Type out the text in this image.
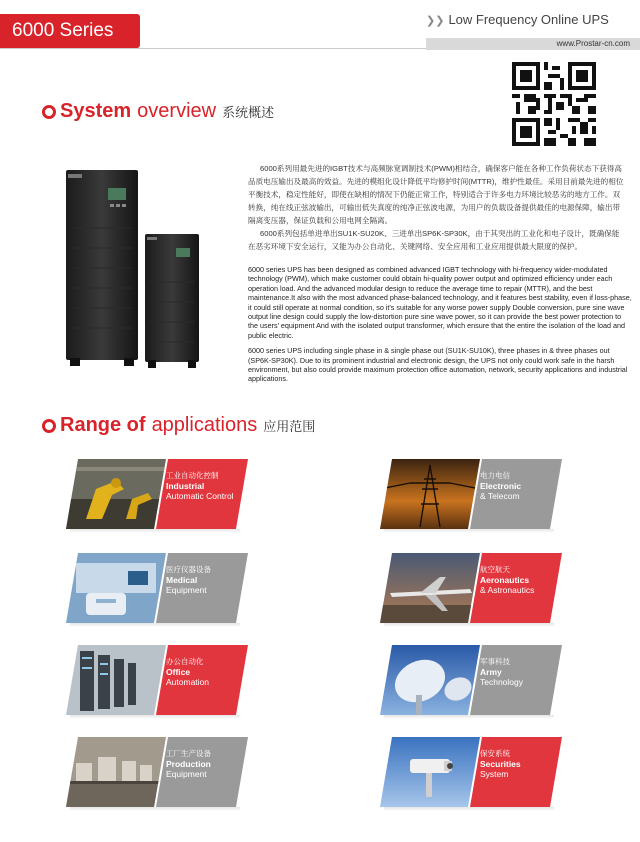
6000 Series	❯❯ Low Frequency Online UPS
www.Prostar-cn.com
System overview 系统概述

6000系列用最先进的IGBT技术与高频脉宽调制技术(PWM)相结合，确保客户能在各种工作负荷状态下获得高品质电压输出及最高的效益。先进的模组化设计降低平均修护时间(MTTR)，维护性最佳。采用目前最先进的相位平衡技术，稳定性能好，即使在缺相的情况下仍能正常工作，特别适合于许多电力环境比较恶劣的地方工作。双转换，纯在线正弦波输出，可输出低失真度的纯净正弦波电源，为用户的负载设备提供最佳的电源保障，输出带隔离变压器，保证负载和公用电网全隔离。

6000系列包括单进单出SU1K-SU20K、三进单出SP6K-SP30K，由于其突出的工业化和电子设计，既确保能在恶劣环境下安全运行，又能为办公自动化、关键网络、安全应用和工业应用提供最大限度的保护。

6000 series UPS has been designed as combined advanced IGBT technology with hi-frequency wider-modulated technology (PWM), which make customer could obtain hi-quality power output and optimized efficiency under each operation load. And the advanced modular design to reduce the average time to repair (MTTR), and the best maintenance.It also with the most advanced phase-balanced technology, and it features best stability, even if loss-phase, it could still operate at normal condition, so it's suitable for any worse power supply Double conversion, pure sine wave output line design could supply the low-distortion pure sine wave power, so it can provide the best power protection to the users' equipment And with the isolated output transformer, which ensure that the entire the isolation of the load and public electric.

6000 series UPS including single phase in & single phase out (SU1K-SU10K), three phases in & three phases out (SP6K-SP30K). Due to its prominent industrial and electronic design, the UPS not only could work safe in the harsh environment, but also could provide maximum protection office automation, network, security applications and industrial applications.

Range of applications 应用范围
工业自动化控制
Industrial
Automatic Control
电力电信
Electronic
& Telecom
医疗仪器设备
Medical
Equipment
航空航天
Aeronautics
& Astronautics
办公自动化
Office
Automation
军事科技
Army
Technology
工厂生产设备
Production
Equipment
保安系统
Securities
System
